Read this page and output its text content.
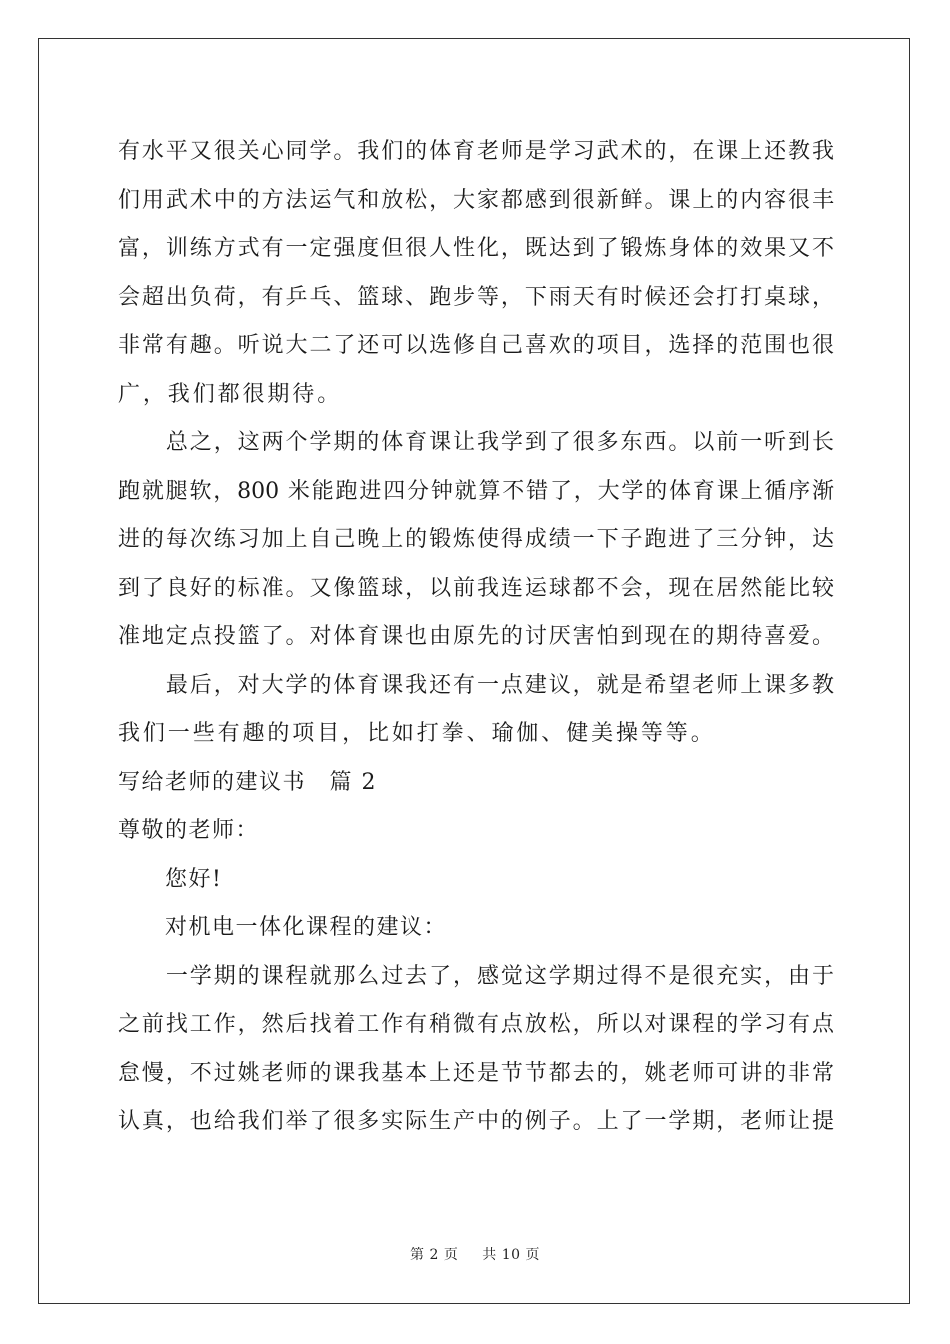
有水平又很关心同学。我们的体育老师是学习武术的，在课上还教我
们用武术中的方法运气和放松，大家都感到很新鲜。课上的内容很丰
富，训练方式有一定强度但很人性化，既达到了锻炼身体的效果又不
会超出负荷，有乒乓、篮球、跑步等，下雨天有时候还会打打桌球，
非常有趣。听说大二了还可以选修自己喜欢的项目，选择的范围也很
广，我们都很期待。
　　总之，这两个学期的体育课让我学到了很多东西。以前一听到长
跑就腿软，800 米能跑进四分钟就算不错了，大学的体育课上循序渐
进的每次练习加上自己晚上的锻炼使得成绩一下子跑进了三分钟，达
到了良好的标准。又像篮球，以前我连运球都不会，现在居然能比较
准地定点投篮了。对体育课也由原先的讨厌害怕到现在的期待喜爱。
　　最后，对大学的体育课我还有一点建议，就是希望老师上课多教
我们一些有趣的项目，比如打拳、瑜伽、健美操等等。
写给老师的建议书　篇 2
尊敬的老师：
　　您好!
　　对机电一体化课程的建议：
　　一学期的课程就那么过去了，感觉这学期过得不是很充实，由于
之前找工作，然后找着工作有稍微有点放松，所以对课程的学习有点
怠慢，不过姚老师的课我基本上还是节节都去的，姚老师可讲的非常
认真，也给我们举了很多实际生产中的例子。上了一学期，老师让提
第 2 页 共 10 页
